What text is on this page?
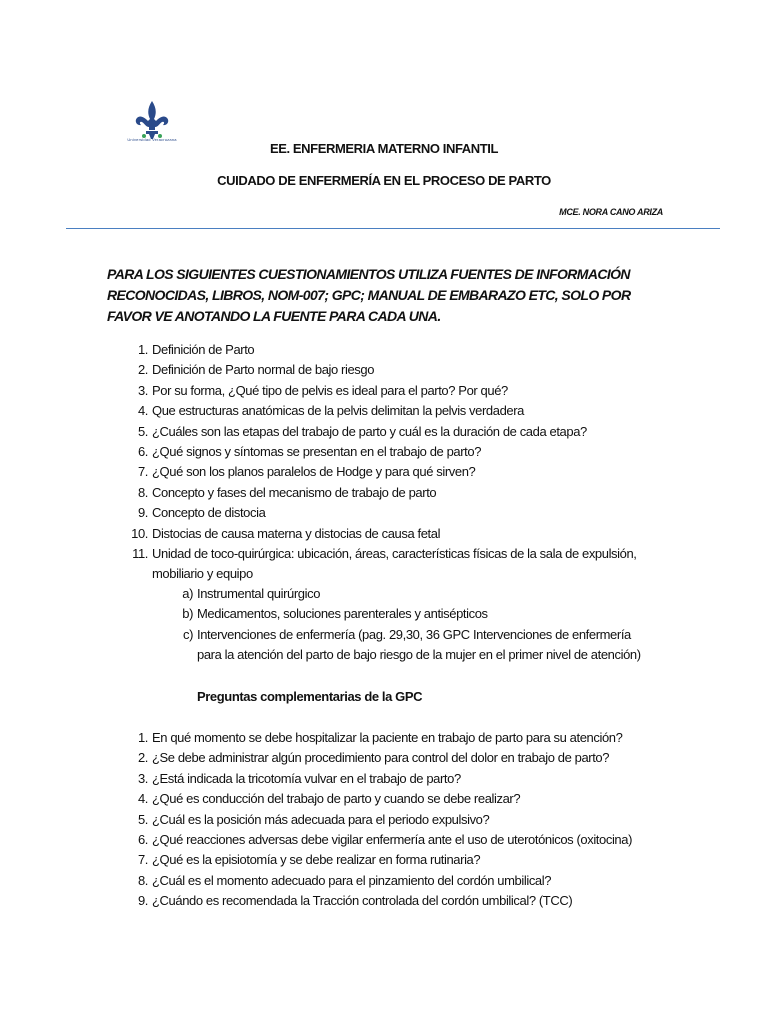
Universidad Veracruzana
EE. ENFERMERIA MATERNO INFANTIL
CUIDADO DE ENFERMERÍA EN EL PROCESO DE PARTO
MCE. NORA CANO ARIZA
PARA LOS SIGUIENTES CUESTIONAMIENTOS UTILIZA FUENTES DE INFORMACIÓN RECONOCIDAS, LIBROS, NOM-007; GPC; MANUAL DE EMBARAZO ETC, SOLO POR FAVOR VE ANOTANDO LA FUENTE PARA CADA UNA.
1. Definición de Parto
2. Definición de Parto normal de bajo riesgo
3. Por su forma, ¿Qué tipo de pelvis es ideal para el parto? Por qué?
4. Que estructuras anatómicas de la pelvis delimitan la pelvis verdadera
5. ¿Cuáles son las etapas del trabajo de parto y cuál es la duración de cada etapa?
6. ¿Qué signos y síntomas se presentan en el trabajo de parto?
7. ¿Qué son los planos paralelos de Hodge y para qué sirven?
8. Concepto y fases del mecanismo de trabajo de parto
9. Concepto de distocia
10. Distocias de causa materna y distocias de causa fetal
11. Unidad de toco-quirúrgica: ubicación, áreas, características físicas de la sala de expulsión,
mobiliario y equipo
a) Instrumental quirúrgico
b) Medicamentos, soluciones parenterales y antisépticos
c) Intervenciones de enfermería (pag. 29,30, 36 GPC Intervenciones de enfermería
para la atención del parto de bajo riesgo de la mujer en el primer nivel de atención)
Preguntas complementarias de la GPC
1. En qué momento se debe hospitalizar la paciente en trabajo de parto para su atención?
2. ¿Se debe administrar algún procedimiento para control del dolor en trabajo de parto?
3. ¿Está indicada la tricotomía vulvar en el trabajo de parto?
4. ¿Qué es conducción del trabajo de parto y cuando se debe realizar?
5. ¿Cuál es la posición más adecuada para el periodo expulsivo?
6. ¿Qué reacciones adversas debe vigilar enfermería ante el uso de uterotónicos (oxitocina)
7. ¿Qué es la episiotomía y se debe realizar en forma rutinaria?
8. ¿Cuál es el momento adecuado para el pinzamiento del cordón umbilical?
9. ¿Cuándo es recomendada la Tracción controlada del cordón umbilical? (TCC)
